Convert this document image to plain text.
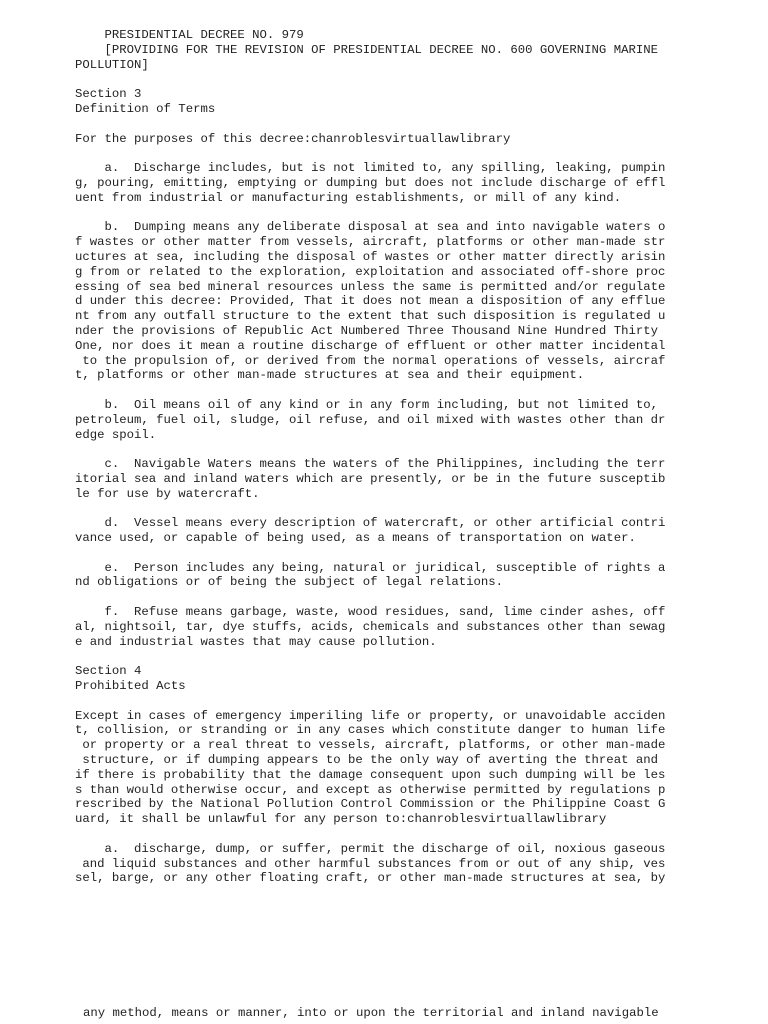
PRESIDENTIAL DECREE NO. 979
[PROVIDING FOR THE REVISION OF PRESIDENTIAL DECREE NO. 600 GOVERNING MARINE
POLLUTION]
Section 3
Definition of Terms
For the purposes of this decree:chanroblesvirtuallawlibrary
a.  Discharge includes, but is not limited to, any spilling, leaking, pumpin
g, pouring, emitting, emptying or dumping but does not include discharge of effl
uent from industrial or manufacturing establishments, or mill of any kind.
b.  Dumping means any deliberate disposal at sea and into navigable waters o
f wastes or other matter from vessels, aircraft, platforms or other man-made str
uctures at sea, including the disposal of wastes or other matter directly arisin
g from or related to the exploration, exploitation and associated off-shore proc
essing of sea bed mineral resources unless the same is permitted and/or regulate
d under this decree: Provided, That it does not mean a disposition of any efflue
nt from any outfall structure to the extent that such disposition is regulated u
nder the provisions of Republic Act Numbered Three Thousand Nine Hundred Thirty
One, nor does it mean a routine discharge of effluent or other matter incidental
to the propulsion of, or derived from the normal operations of vessels, aircraf
t, platforms or other man-made structures at sea and their equipment.
b.  Oil means oil of any kind or in any form including, but not limited to,
petroleum, fuel oil, sludge, oil refuse, and oil mixed with wastes other than dr
edge spoil.
c.  Navigable Waters means the waters of the Philippines, including the terr
itorial sea and inland waters which are presently, or be in the future susceptib
le for use by watercraft.
d.  Vessel means every description of watercraft, or other artificial contri
vance used, or capable of being used, as a means of transportation on water.
e.  Person includes any being, natural or juridical, susceptible of rights a
nd obligations or of being the subject of legal relations.
f.  Refuse means garbage, waste, wood residues, sand, lime cinder ashes, off
al, nightsoil, tar, dye stuffs, acids, chemicals and substances other than sewag
e and industrial wastes that may cause pollution.
Section 4
Prohibited Acts
Except in cases of emergency imperiling life or property, or unavoidable acciden
t, collision, or stranding or in any cases which constitute danger to human life
or property or a real threat to vessels, aircraft, platforms, or other man-made
structure, or if dumping appears to be the only way of averting the threat and
if there is probability that the damage consequent upon such dumping will be les
s than would otherwise occur, and except as otherwise permitted by regulations p
rescribed by the National Pollution Control Commission or the Philippine Coast G
uard, it shall be unlawful for any person to:chanroblesvirtuallawlibrary
a.  discharge, dump, or suffer, permit the discharge of oil, noxious gaseous
and liquid substances and other harmful substances from or out of any ship, ves
sel, barge, or any other floating craft, or other man-made structures at sea, by
any method, means or manner, into or upon the territorial and inland navigable
